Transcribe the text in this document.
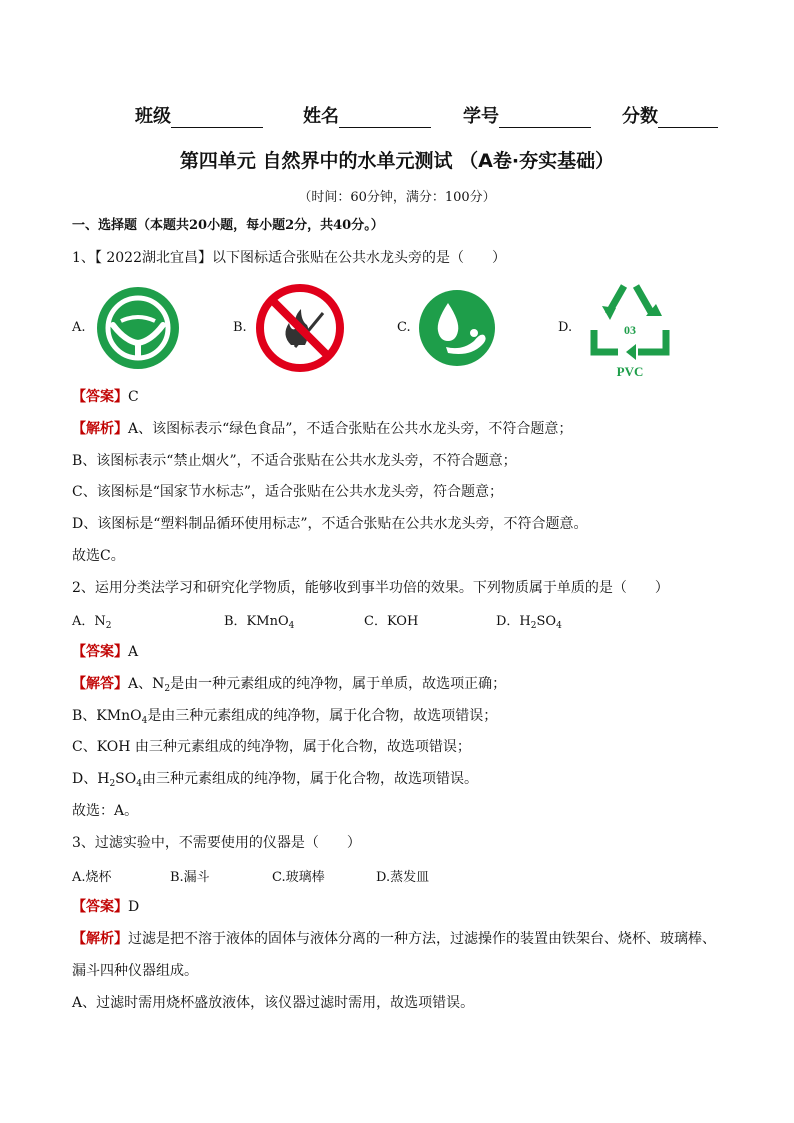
班级	姓名	学号	分数
第四单元 自然界中的水单元测试 （A卷·夯实基础）
（时间：60分钟，满分：100分）
一、选择题（本题共20小题，每小题2分，共40分。）
1、【 2022湖北宜昌】以下图标适合张贴在公共水龙头旁的是（　　）
A.	B.	C.	D.	03
PVC
【答案】C
【解析】A、该图标表示“绿色食品”，不适合张贴在公共水龙头旁，不符合题意；
B、该图标表示“禁止烟火”，不适合张贴在公共水龙头旁，不符合题意；
C、该图标是“国家节水标志”，适合张贴在公共水龙头旁，符合题意；
D、该图标是“塑料制品循环使用标志”，不适合张贴在公共水龙头旁，不符合题意。
故选C。
2、运用分类法学习和研究化学物质，能够收到事半功倍的效果。下列物质属于单质的是（　　）
A．$N_2$	B．KMnO$_4$	C．KOH	D．$H_2SO_4$
【答案】A
【解答】A、$N_2$是由一种元素组成的纯净物，属于单质，故选项正确；
B、KMnO$_4$是由三种元素组成的纯净物，属于化合物，故选项错误；
C、KOH 由三种元素组成的纯净物，属于化合物，故选项错误；
D、$H_2SO_4$由三种元素组成的纯净物，属于化合物，故选项错误。
故选：A。
3、过滤实验中，不需要使用的仪器是（　　）
A.烧杯	B.漏斗	C.玻璃棒	D.蒸发皿
【答案】D
【解析】过滤是把不溶于液体的固体与液体分离的一种方法，过滤操作的装置由铁架台、烧杯、玻璃棒、
漏斗四种仪器组成。
A、过滤时需用烧杯盛放液体，该仪器过滤时需用，故选项错误。
